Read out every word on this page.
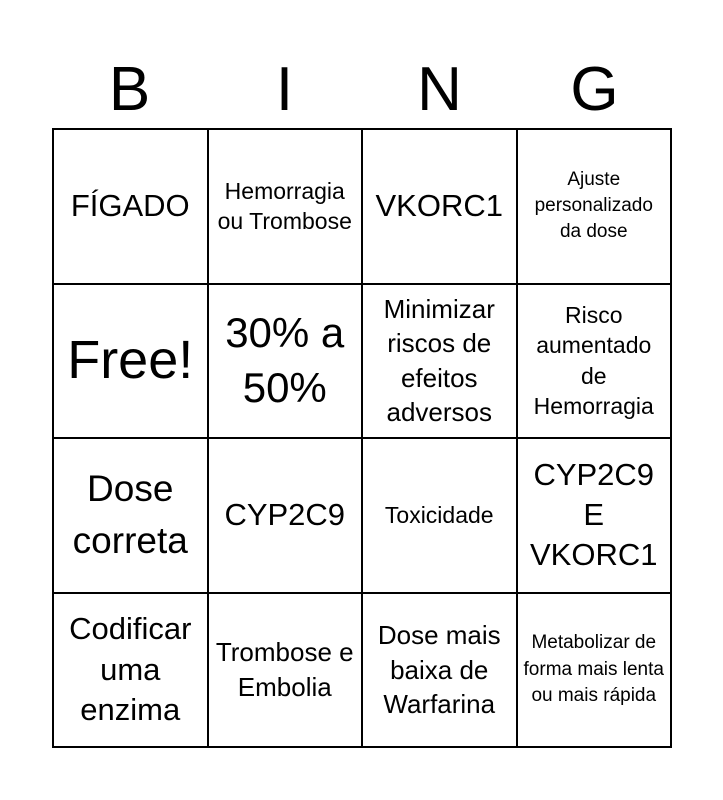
B	I	N	G
FÍGADO	Hemorragia ou Trombose VKORC1
Ajuste personalizado da dose
Free! 30% a 50%
Minimizar riscos de efeitos adversos
Risco aumentado de Hemorragia
Dose correta
CYP2C9	Toxicidade
CYP2C9 E VKORC1
Codificar uma enzima
Trombose e Embolia
Dose mais baixa de Warfarina
Metabolizar de forma mais lenta ou mais rápida
